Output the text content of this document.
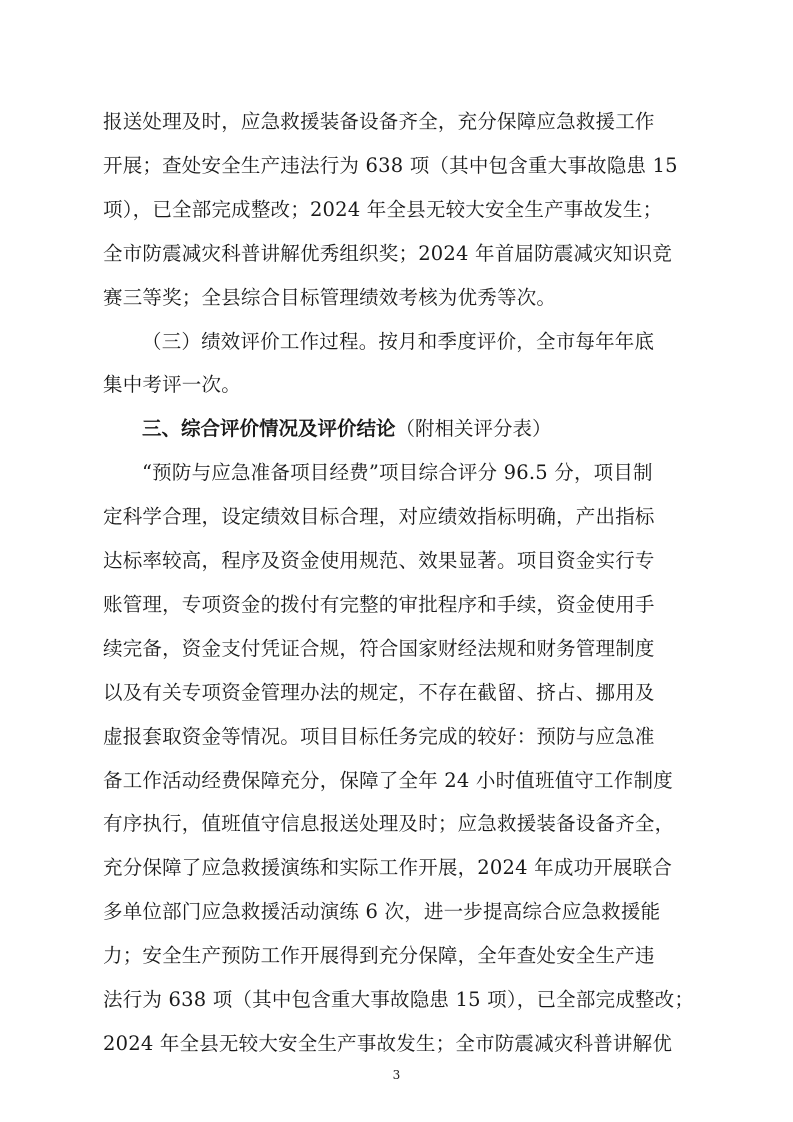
报送处理及时，应急救援装备设备齐全，充分保障应急救援工作
开展；查处安全生产违法行为 638 项（其中包含重大事故隐患 15
项），已全部完成整改；2024 年全县无较大安全生产事故发生；
全市防震减灾科普讲解优秀组织奖；2024 年首届防震减灾知识竞
赛三等奖；全县综合目标管理绩效考核为优秀等次。
（三）绩效评价工作过程。按月和季度评价，全市每年年底
集中考评一次。
三、综合评价情况及评价结论（附相关评分表）
“预防与应急准备项目经费”项目综合评分 96.5 分，项目制
定科学合理，设定绩效目标合理，对应绩效指标明确，产出指标
达标率较高，程序及资金使用规范、效果显著。项目资金实行专
账管理，专项资金的拨付有完整的审批程序和手续，资金使用手
续完备，资金支付凭证合规，符合国家财经法规和财务管理制度
以及有关专项资金管理办法的规定，不存在截留、挤占、挪用及
虚报套取资金等情况。项目目标任务完成的较好：预防与应急准
备工作活动经费保障充分，保障了全年 24 小时值班值守工作制度
有序执行，值班值守信息报送处理及时；应急救援装备设备齐全，
充分保障了应急救援演练和实际工作开展，2024 年成功开展联合
多单位部门应急救援活动演练 6 次，进一步提高综合应急救援能
力；安全生产预防工作开展得到充分保障，全年查处安全生产违
法行为 638 项（其中包含重大事故隐患 15 项），已全部完成整改；
2024 年全县无较大安全生产事故发生；全市防震减灾科普讲解优
3
